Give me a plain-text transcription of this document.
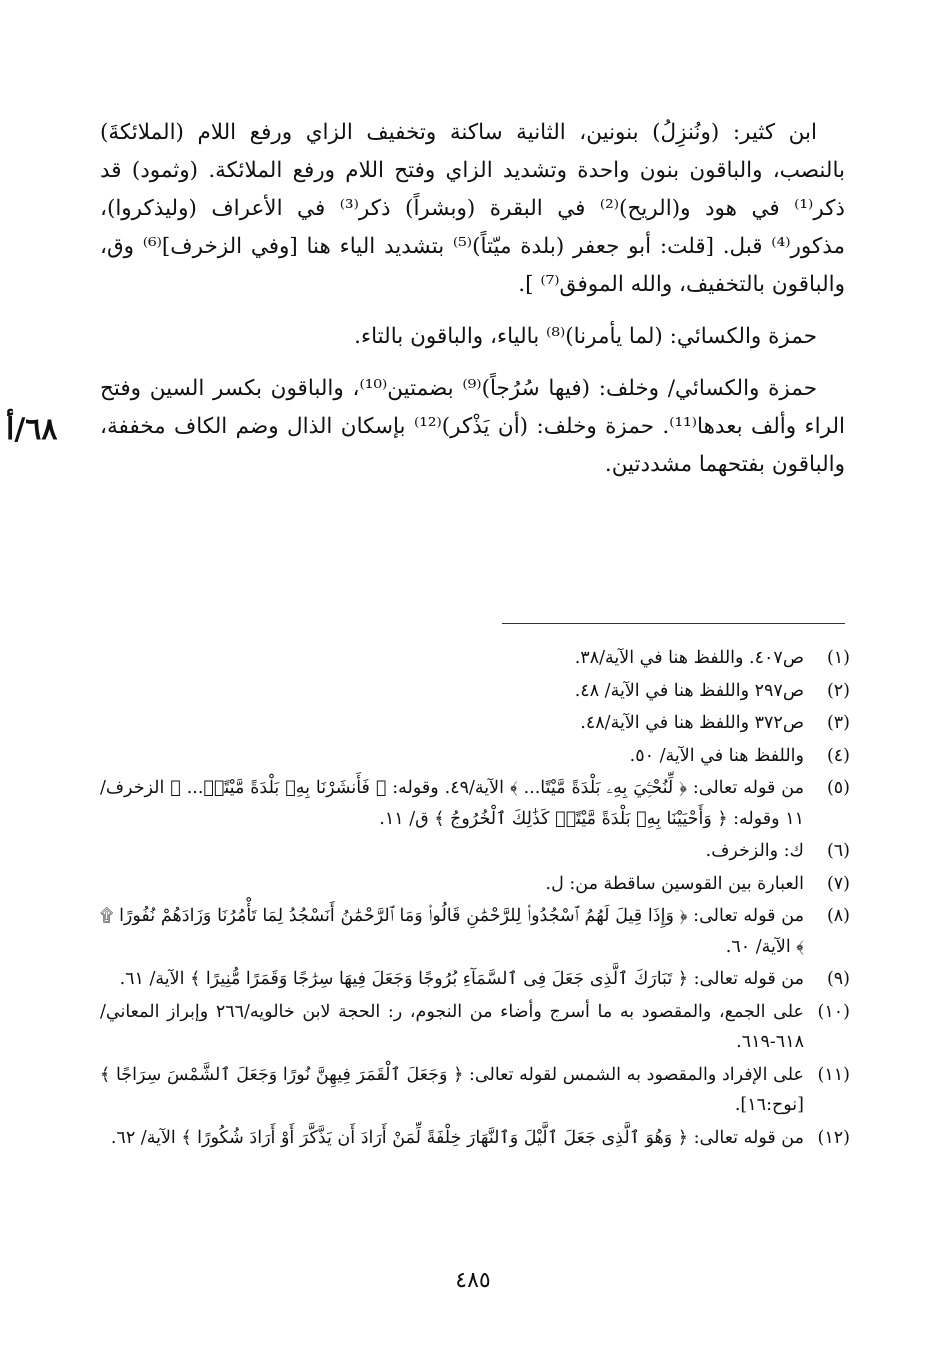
٦٨/أ

ابن كثير: (ونُنزِلُ) بنونين، الثانية ساكنة وتخفيف الزاي ورفع اللام (الملائكةَ) بالنصب، والباقون بنون واحدة وتشديد الزاي وفتح اللام ورفع الملائكة. (وثمود) قد ذكر⁽¹⁾ في هود و(الريح)⁽²⁾ في البقرة (وبشراً) ذكر⁽³⁾ في الأعراف (وليذكروا)، مذكور⁽⁴⁾ قبل. [قلت: أبو جعفر (بلدة ميّتاً)⁽⁵⁾ بتشديد الياء هنا [وفي الزخرف]⁽⁶⁾ وق، والباقون بالتخفيف، والله الموفق⁽⁷⁾ ].

حمزة والكسائي: (لما يأمرنا)⁽⁸⁾ بالياء، والباقون بالتاء.

حمزة والكسائي/ وخلف: (فيها سُرُجاً)⁽⁹⁾ بضمتين⁽¹⁰⁾، والباقون بكسر السين وفتح الراء وألف بعدها⁽¹¹⁾. حمزة وخلف: (أن يَذْكر)⁽¹²⁾ بإسكان الذال وضم الكاف مخففة، والباقون بفتحهما مشددتين.

(١)
ص٤٠٧. واللفظ هنا في الآية/٣٨.
(٢)
ص٢٩٧ واللفظ هنا في الآية/ ٤٨.
(٣)
ص٣٧٢ واللفظ هنا في الآية/٤٨.
(٤)
واللفظ هنا في الآية/ ٥٠.
(٥)
من قوله تعالى: ﴿ لِّنُحْـِۧيَ بِهِۦ بَلْدَةً مَّيْتًا... ﴾ الآية/٤٩. وقوله: ﴿ فَأَنشَرْنَا بِهِۦ بَلْدَةً مَّيْتًاۚ... ﴾ الزخرف/١١ وقوله: ﴿ وَأَحْيَيْنَا بِهِۦ بَلْدَةً مَّيْتًاۚ كَذَٰلِكَ ٱلْخُرُوجُ ﴾ ق/ ١١.
(٦)
ك: والزخرف.
(٧)
العبارة بين القوسين ساقطة من: ل.
(٨)
من قوله تعالى: ﴿ وَإِذَا قِيلَ لَهُمُ ٱسْجُدُوا۟ لِلرَّحْمَٰنِ قَالُوا۟ وَمَا ٱلرَّحْمَٰنُ أَنَسْجُدُ لِمَا تَأْمُرُنَا وَزَادَهُمْ نُفُورًا ۩ ﴾ الآية/ ٦٠.
(٩)
من قوله تعالى: ﴿ تَبَارَكَ ٱلَّذِى جَعَلَ فِى ٱلسَّمَآءِ بُرُوجًا وَجَعَلَ فِيهَا سِرَٰجًا وَقَمَرًا مُّنِيرًا ﴾ الآية/ ٦١.
(١٠)
على الجمع، والمقصود به ما أسرج وأضاء من النجوم، ر: الحجة لابن خالويه/٢٦٦ وإبراز المعاني/٦١٨-٦١٩.
(١١)
على الإفراد والمقصود به الشمس لقوله تعالى: ﴿ وَجَعَلَ ٱلْقَمَرَ فِيهِنَّ نُورًا وَجَعَلَ ٱلشَّمْسَ سِرَاجًا ﴾ [نوح:١٦].
(١٢)
من قوله تعالى: ﴿ وَهُوَ ٱلَّذِى جَعَلَ ٱلَّيْلَ وَٱلنَّهَارَ خِلْفَةً لِّمَنْ أَرَادَ أَن يَذَّكَّرَ أَوْ أَرَادَ شُكُورًا ﴾ الآية/ ٦٢.
٤٨٥
